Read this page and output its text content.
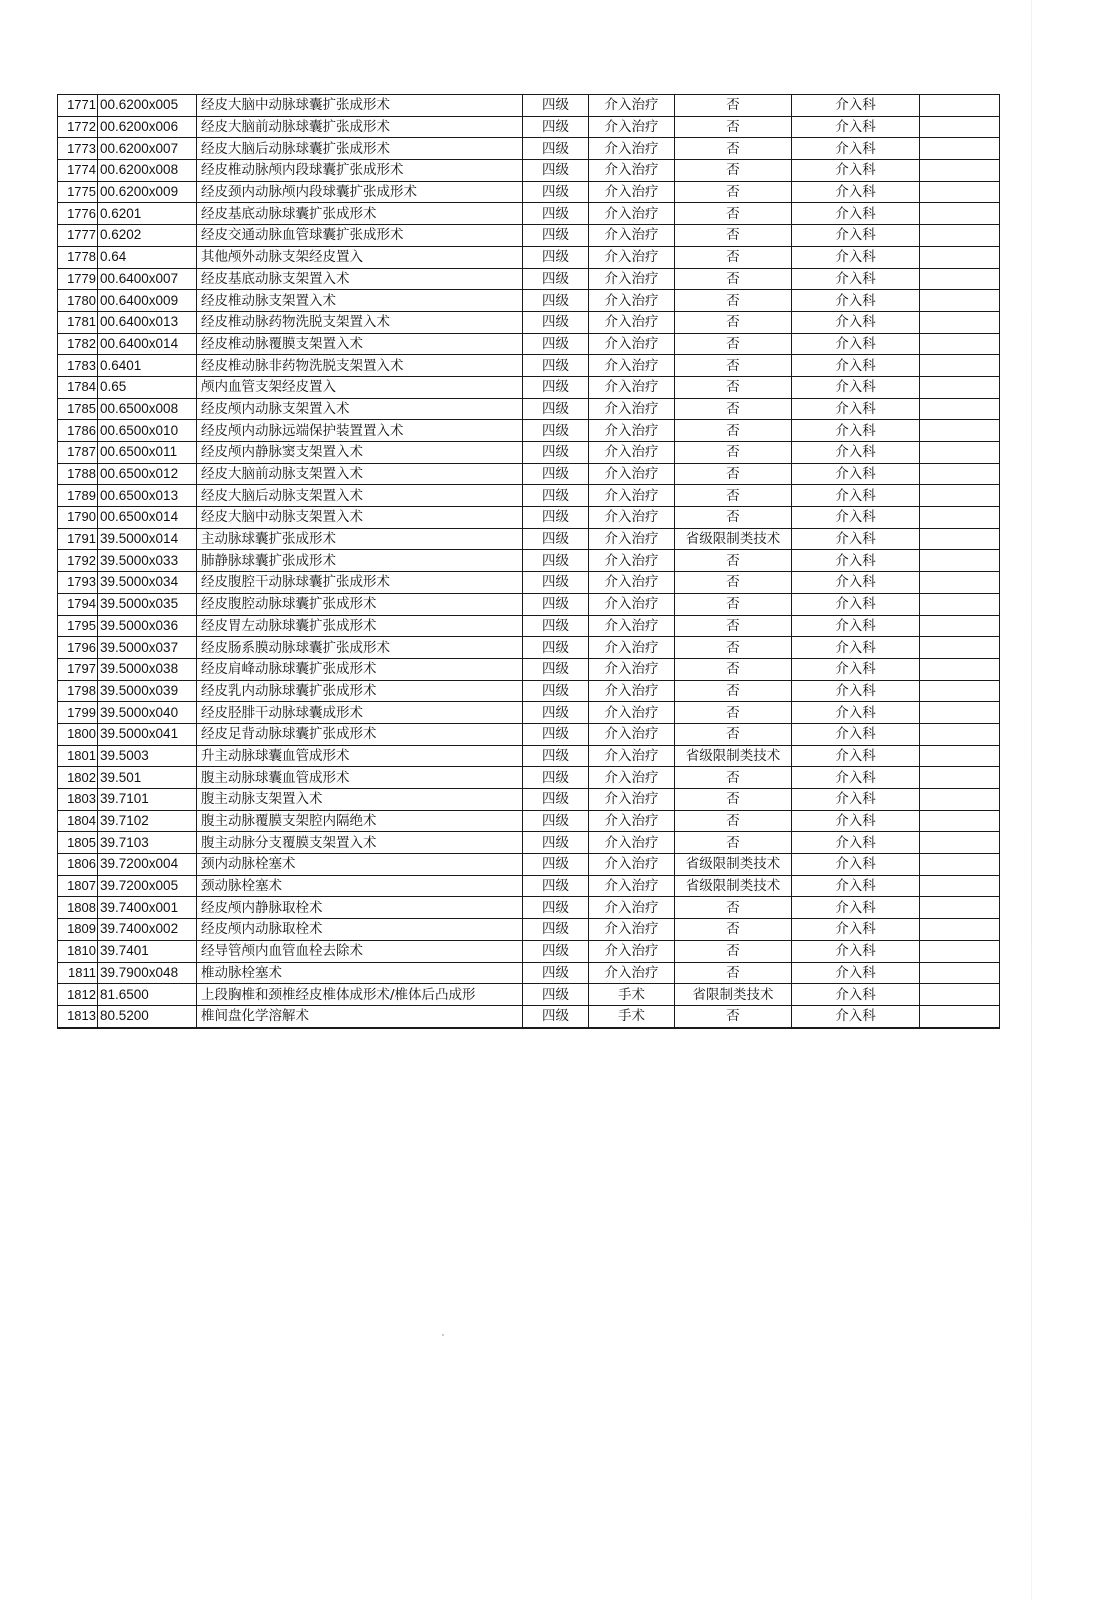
1771	00.6200x005	经皮大脑中动脉球囊扩张成形术	四级	介入治疗	否	介入科	
1772	00.6200x006	经皮大脑前动脉球囊扩张成形术	四级	介入治疗	否	介入科	
1773	00.6200x007	经皮大脑后动脉球囊扩张成形术	四级	介入治疗	否	介入科	
1774	00.6200x008	经皮椎动脉颅内段球囊扩张成形术	四级	介入治疗	否	介入科	
1775	00.6200x009	经皮颈内动脉颅内段球囊扩张成形术	四级	介入治疗	否	介入科	
1776	0.6201	经皮基底动脉球囊扩张成形术	四级	介入治疗	否	介入科	
1777	0.6202	经皮交通动脉血管球囊扩张成形术	四级	介入治疗	否	介入科	
1778	0.64	其他颅外动脉支架经皮置入	四级	介入治疗	否	介入科	
1779	00.6400x007	经皮基底动脉支架置入术	四级	介入治疗	否	介入科	
1780	00.6400x009	经皮椎动脉支架置入术	四级	介入治疗	否	介入科	
1781	00.6400x013	经皮椎动脉药物洗脱支架置入术	四级	介入治疗	否	介入科	
1782	00.6400x014	经皮椎动脉覆膜支架置入术	四级	介入治疗	否	介入科	
1783	0.6401	经皮椎动脉非药物洗脱支架置入术	四级	介入治疗	否	介入科	
1784	0.65	颅内血管支架经皮置入	四级	介入治疗	否	介入科	
1785	00.6500x008	经皮颅内动脉支架置入术	四级	介入治疗	否	介入科	
1786	00.6500x010	经皮颅内动脉远端保护装置置入术	四级	介入治疗	否	介入科	
1787	00.6500x011	经皮颅内静脉窦支架置入术	四级	介入治疗	否	介入科	
1788	00.6500x012	经皮大脑前动脉支架置入术	四级	介入治疗	否	介入科	
1789	00.6500x013	经皮大脑后动脉支架置入术	四级	介入治疗	否	介入科	
1790	00.6500x014	经皮大脑中动脉支架置入术	四级	介入治疗	否	介入科	
1791	39.5000x014	主动脉球囊扩张成形术	四级	介入治疗	省级限制类技术	介入科	
1792	39.5000x033	肺静脉球囊扩张成形术	四级	介入治疗	否	介入科	
1793	39.5000x034	经皮腹腔干动脉球囊扩张成形术	四级	介入治疗	否	介入科	
1794	39.5000x035	经皮腹腔动脉球囊扩张成形术	四级	介入治疗	否	介入科	
1795	39.5000x036	经皮胃左动脉球囊扩张成形术	四级	介入治疗	否	介入科	
1796	39.5000x037	经皮肠系膜动脉球囊扩张成形术	四级	介入治疗	否	介入科	
1797	39.5000x038	经皮肩峰动脉球囊扩张成形术	四级	介入治疗	否	介入科	
1798	39.5000x039	经皮乳内动脉球囊扩张成形术	四级	介入治疗	否	介入科	
1799	39.5000x040	经皮胫腓干动脉球囊成形术	四级	介入治疗	否	介入科	
1800	39.5000x041	经皮足背动脉球囊扩张成形术	四级	介入治疗	否	介入科	
1801	39.5003	升主动脉球囊血管成形术	四级	介入治疗	省级限制类技术	介入科	
1802	39.501	腹主动脉球囊血管成形术	四级	介入治疗	否	介入科	
1803	39.7101	腹主动脉支架置入术	四级	介入治疗	否	介入科	
1804	39.7102	腹主动脉覆膜支架腔内隔绝术	四级	介入治疗	否	介入科	
1805	39.7103	腹主动脉分支覆膜支架置入术	四级	介入治疗	否	介入科	
1806	39.7200x004	颈内动脉栓塞术	四级	介入治疗	省级限制类技术	介入科	
1807	39.7200x005	颈动脉栓塞术	四级	介入治疗	省级限制类技术	介入科	
1808	39.7400x001	经皮颅内静脉取栓术	四级	介入治疗	否	介入科	
1809	39.7400x002	经皮颅内动脉取栓术	四级	介入治疗	否	介入科	
1810	39.7401	经导管颅内血管血栓去除术	四级	介入治疗	否	介入科	
1811	39.7900x048	椎动脉栓塞术	四级	介入治疗	否	介入科	
1812	81.6500	上段胸椎和颈椎经皮椎体成形术/椎体后凸成形	四级	手术	省限制类技术	介入科	
1813	80.5200	椎间盘化学溶解术	四级	手术	否	介入科	
